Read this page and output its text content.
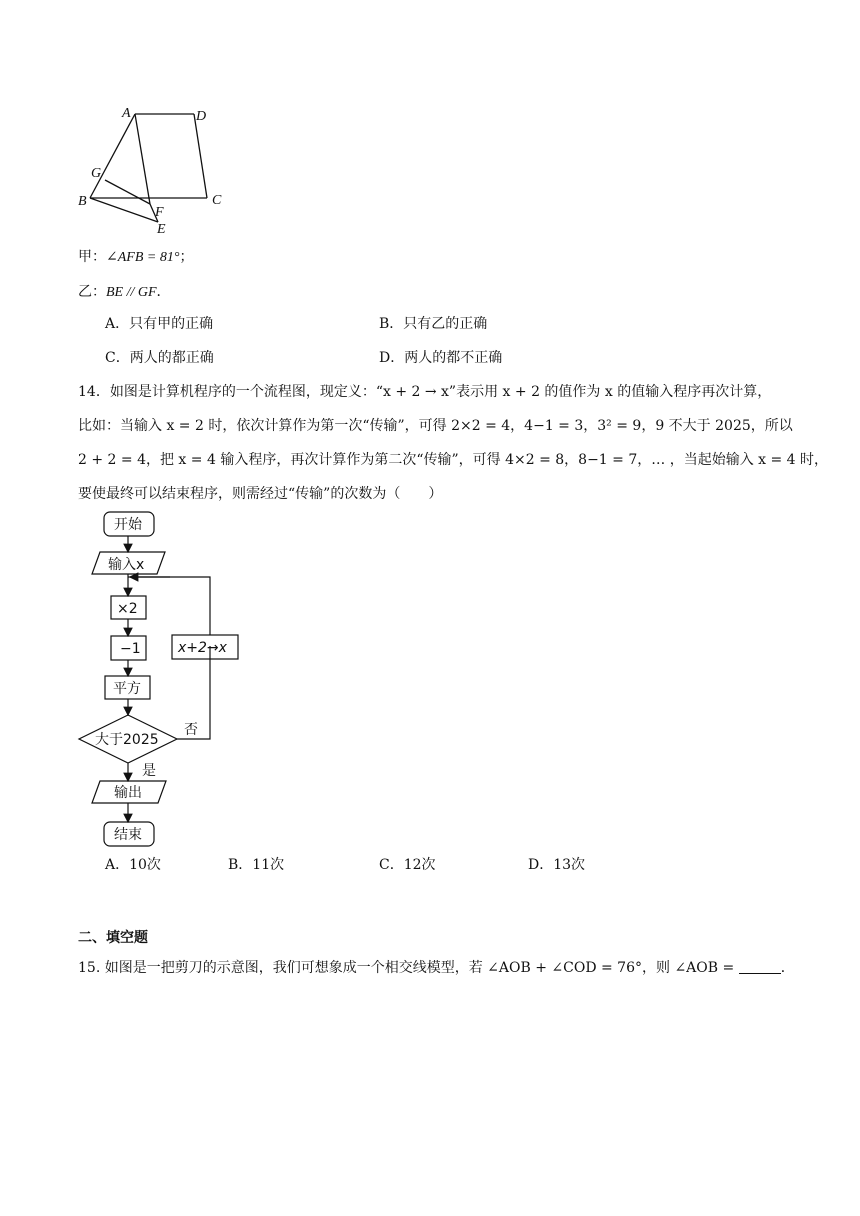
A	D
G
B	C
F
E
甲：∠AFB = 81°；
乙：BE // GF．
A．只有甲的正确	B．只有乙的正确
C．两人的都正确	D．两人的都不正确
14．如图是计算机程序的一个流程图，现定义：“x + 2 → x”表示用 x + 2 的值作为 x 的值输入程序再次计算，
比如：当输入 x = 2 时，依次计算作为第一次“传输”，可得 2×2 = 4，4−1 = 3，3² = 9，9 不大于 2025，所以
2 + 2 = 4，把 x = 4 输入程序，再次计算作为第二次“传输”，可得 4×2 = 8，8−1 = 7，… ，当起始输入 x = 4 时，
要使最终可以结束程序，则需经过“传输”的次数为（　　）
开始
输入x
×2
−1
平方
大于2025
否
是
输出
结束
x+2→x
A．10次	B．11次	C．12次	D．13次
二、填空题
15. 如图是一把剪刀的示意图，我们可想象成一个相交线模型，若 ∠AOB + ∠COD = 76°，则 ∠AOB =	．
